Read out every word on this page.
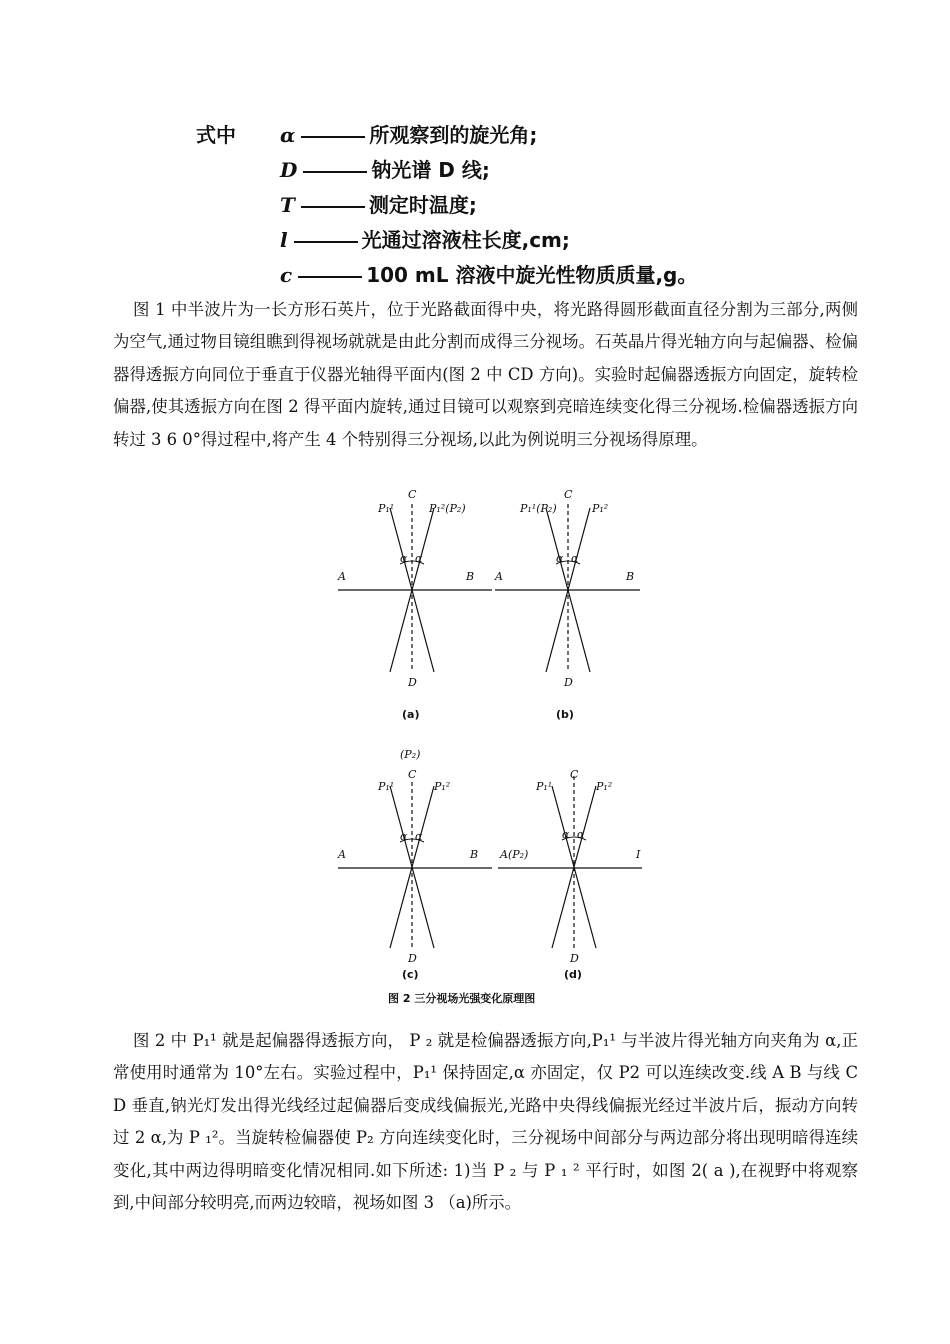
式中	α	所观察到的旋光角;
D	钠光谱 D 线;
T	测定时温度;
l	光通过溶液柱长度,cm;
c	100 mL 溶液中旋光性物质质量,g。

图 1 中半波片为一长方形石英片，位于光路截面得中央，将光路得圆形截面直径分割为三部分,两侧为空气,通过物目镜组瞧到得视场就就是由此分割而成得三分视场。石英晶片得光轴方向与起偏器、检偏器得透振方向同位于垂直于仪器光轴得平面内(图 2 中 CD 方向)。实验时起偏器透振方向固定，旋转检偏器,使其透振方向在图 2 得平面内旋转,通过目镜可以观察到亮暗连续变化得三分视场.检偏器透振方向转过 3 6 0°得过程中,将产生 4 个特别得三分视场,以此为例说明三分视场得原理。

α α
C
D
P₁¹	P₁²(P₂)
A	B
(a)
α α
C
D
P₁¹(P₂)	P₁²
A	B
(b)
α α
(P₂)
C
D
P₁¹	P₁²
A	B
(c)
α α
C
D
P₁¹	P₁²
A(P₂)	I
(d)
图 2 三分视场光强变化原理图

图 2 中 P₁¹ 就是起偏器得透振方向， P ₂ 就是检偏器透振方向,P₁¹ 与半波片得光轴方向夹角为 α,正常使用时通常为 10°左右。实验过程中，P₁¹ 保持固定,α 亦固定，仅 P2 可以连续改变.线 A B 与线 C D 垂直,钠光灯发出得光线经过起偏器后变成线偏振光,光路中央得线偏振光经过半波片后，振动方向转过 2 α,为 P ₁²。当旋转检偏器使 P₂ 方向连续变化时，三分视场中间部分与两边部分将出现明暗得连续变化,其中两边得明暗变化情况相同.如下所述: 1)当 P ₂ 与 P ₁ ² 平行时，如图 2( a ),在视野中将观察到,中间部分较明亮,而两边较暗，视场如图 3 （a)所示。
